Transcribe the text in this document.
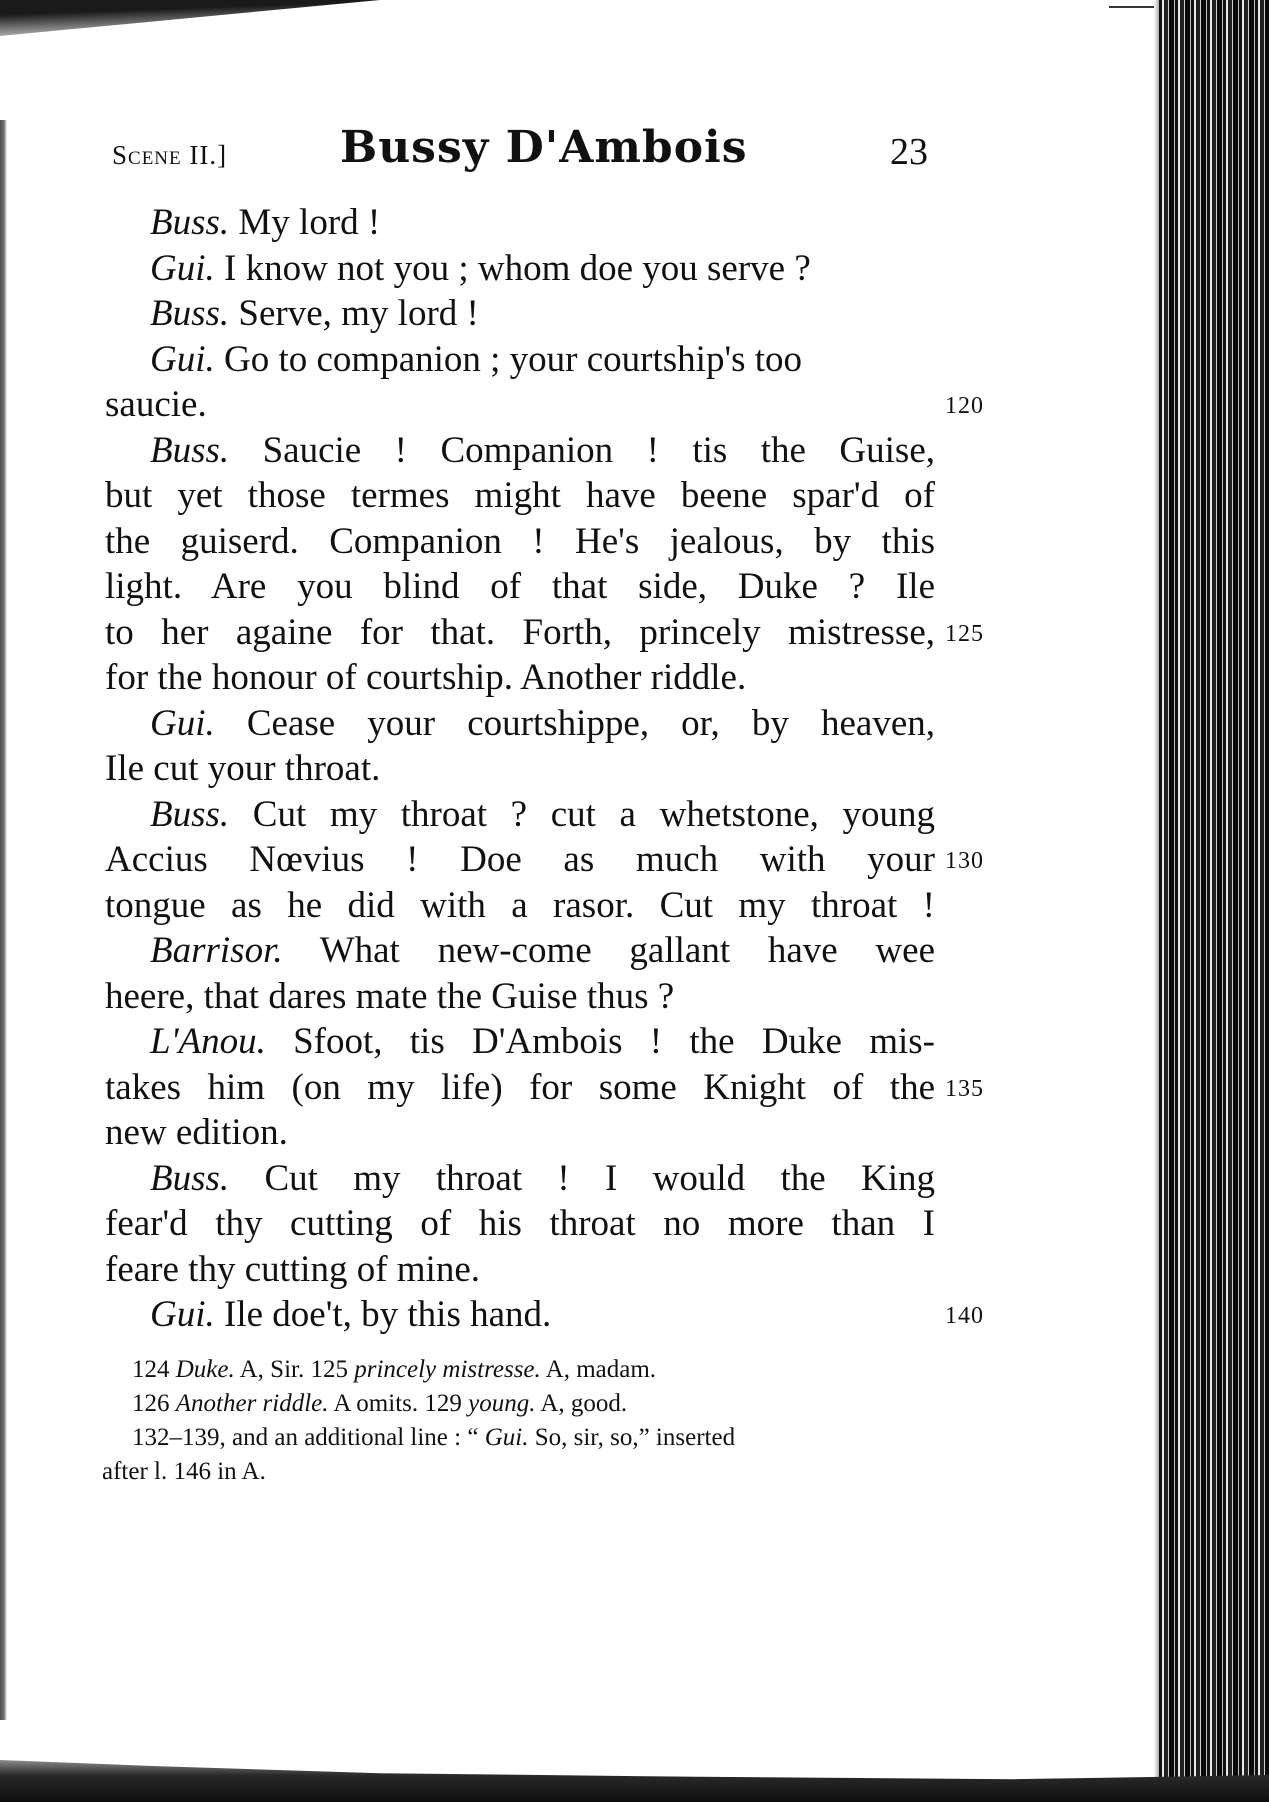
Scene II.]	Bussy D'Ambois	23
Buss. My lord !
Gui. I know not you ; whom doe you serve ?
Buss. Serve, my lord !
Gui. Go to companion ; your courtship's too
saucie.	120
Buss. Saucie ! Companion ! tis the Guise,
but yet those termes might have beene spar'd of
the guiserd. Companion ! He's jealous, by this
light. Are you blind of that side, Duke ? Ile
to her againe for that. Forth, princely mistresse, 125
for the honour of courtship. Another riddle.
Gui. Cease your courtshippe, or, by heaven,
Ile cut your throat.
Buss. Cut my throat ? cut a whetstone, young
Accius Nœvius ! Doe as much with your 130
tongue as he did with a rasor. Cut my throat !
Barrisor. What new-come gallant have wee
heere, that dares mate the Guise thus ?
L'Anou. Sfoot, tis D'Ambois ! the Duke mis-
takes him (on my life) for some Knight of the 135
new edition.
Buss. Cut my throat ! I would the King
fear'd thy cutting of his throat no more than I
feare thy cutting of mine.
Gui. Ile doe't, by this hand.	140
124 Duke. A, Sir. 125 princely mistresse. A, madam.
126 Another riddle. A omits. 129 young. A, good.
132–139, and an additional line : “ Gui. So, sir, so,” inserted
after l. 146 in A.
